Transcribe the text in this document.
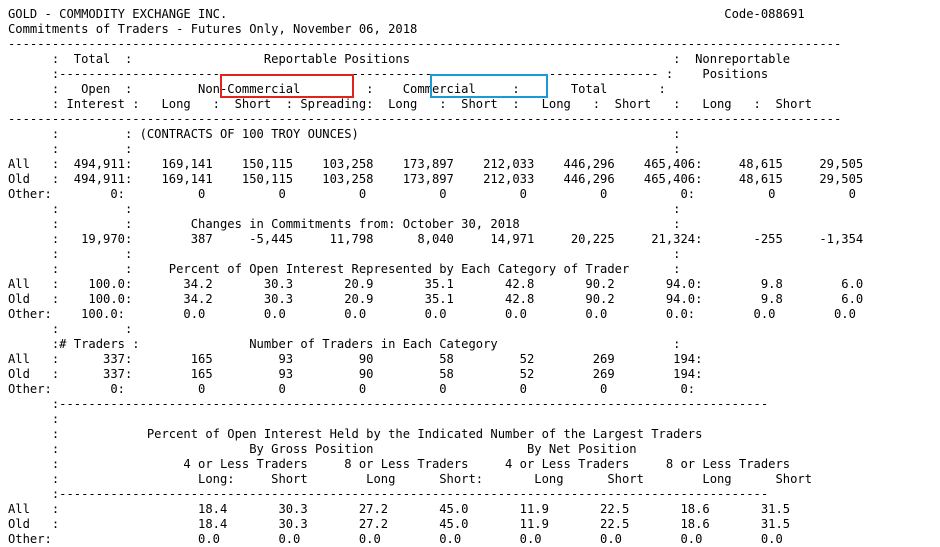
GOLD - COMMODITY EXCHANGE INC.                                                                    Code-088691
Commitments of Traders - Futures Only, November 06, 2018
------------------------------------------------------------------------------------------------------------------
:  Total  :                  Reportable Positions                                    :  Nonreportable
:---------------------------------------------------------------------------------- :    Positions
:   Open  :         Non-Commercial         :    Commercial     :       Total       :
: Interest :   Long   :  Short  : Spreading:  Long   :  Short  :   Long   :  Short   :   Long   :  Short
------------------------------------------------------------------------------------------------------------------
:         : (CONTRACTS OF 100 TROY OUNCES)                                           :
:         :                                                                          :
All   :  494,911:    169,141    150,115    103,258    173,897    212,033    446,296    465,406:     48,615     29,505
Old   :  494,911:    169,141    150,115    103,258    173,897    212,033    446,296    465,406:     48,615     29,505
Other:        0:          0          0          0          0          0          0          0:          0          0
:         :                                                                          :
:         :        Changes in Commitments from: October 30, 2018                     :
:   19,970:        387     -5,445     11,798      8,040     14,971     20,225     21,324:       -255     -1,354
:         :                                                                          :
:         :     Percent of Open Interest Represented by Each Category of Trader      :
All   :    100.0:       34.2       30.3       20.9       35.1       42.8       90.2       94.0:        9.8        6.0
Old   :    100.0:       34.2       30.3       20.9       35.1       42.8       90.2       94.0:        9.8        6.0
Other:    100.0:        0.0        0.0        0.0        0.0        0.0        0.0        0.0:        0.0        0.0
:         :
:# Traders :               Number of Traders in Each Category                        :
All   :      337:        165         93         90         58         52        269        194:
Old   :      337:        165         93         90         58         52        269        194:
Other:        0:          0          0          0          0          0          0          0:
:-------------------------------------------------------------------------------------------------
:
:            Percent of Open Interest Held by the Indicated Number of the Largest Traders
:                          By Gross Position                     By Net Position
:                 4 or Less Traders     8 or Less Traders     4 or Less Traders     8 or Less Traders
:                   Long:     Short        Long      Short:       Long      Short        Long      Short
:-------------------------------------------------------------------------------------------------
All   :                   18.4       30.3       27.2       45.0       11.9       22.5       18.6       31.5
Old   :                   18.4       30.3       27.2       45.0       11.9       22.5       18.6       31.5
Other:                    0.0        0.0        0.0        0.0        0.0        0.0        0.0        0.0
